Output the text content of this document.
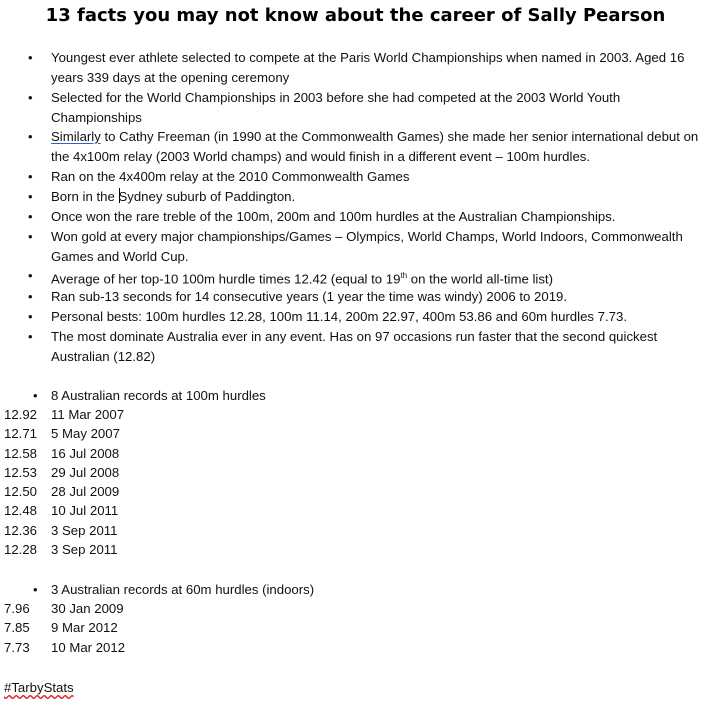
13 facts you may not know about the career of Sally Pearson
• Youngest ever athlete selected to compete at the Paris World Championships when named in 2003. Aged 16 years 339 days at the opening ceremony
• Selected for the World Championships in 2003 before she had competed at the 2003 World Youth Championships
• Similarly to Cathy Freeman (in 1990 at the Commonwealth Games) she made her senior international debut on the 4x100m relay (2003 World champs) and would finish in a different event – 100m hurdles.
• Ran on the 4x400m relay at the 2010 Commonwealth Games
• Born in the Sydney suburb of Paddington.
• Once won the rare treble of the 100m, 200m and 100m hurdles at the Australian Championships.
• Won gold at every major championships/Games – Olympics, World Champs, World Indoors, Commonwealth Games and World Cup.
• Average of her top-10 100m hurdle times 12.42 (equal to 19th on the world all-time list)
• Ran sub-13 seconds for 14 consecutive years (1 year the time was windy) 2006 to 2019.
• Personal bests: 100m hurdles 12.28, 100m 11.14, 200m 22.97, 400m 53.86 and 60m hurdles 7.73.
• The most dominate Australia ever in any event. Has on 97 occasions run faster that the second quickest Australian (12.82)
• 8 Australian records at 100m hurdles
12.92 11 Mar 2007
12.71 5 May 2007
12.58 16 Jul 2008
12.53 29 Jul 2008
12.50 28 Jul 2009
12.48 10 Jul 2011
12.36 3 Sep 2011
12.28 3 Sep 2011
• 3 Australian records at 60m hurdles (indoors)
7.96 30 Jan 2009
7.85 9 Mar 2012
7.73 10 Mar 2012
#TarbyStats
